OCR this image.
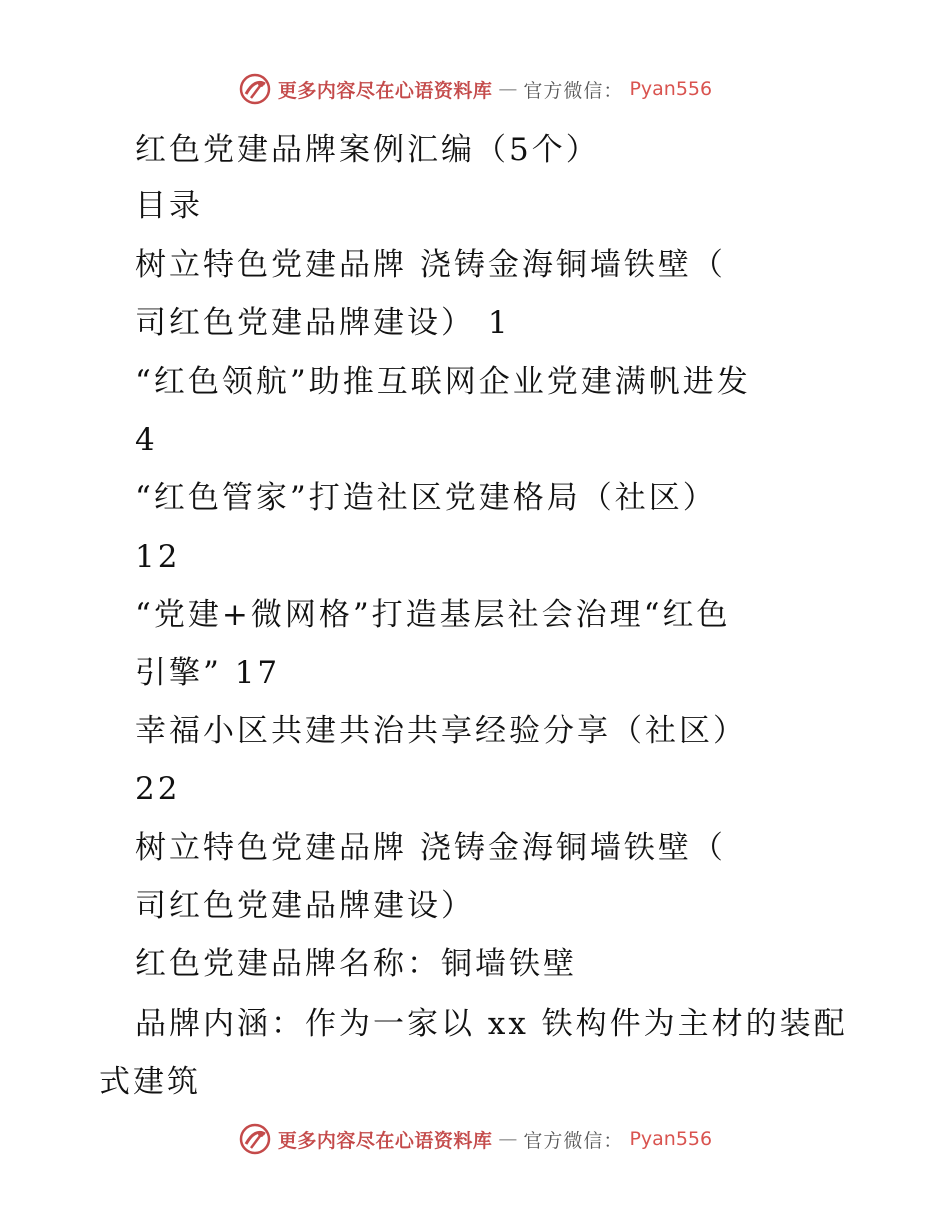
更多内容尽在心语资料库 — 官方微信： Pyan556
红色党建品牌案例汇编（5个）
目录
树立特色党建品牌 浇铸金海铜墙铁壁（
司红色党建品牌建设） 1
“红色领航”助推互联网企业党建满帆进发
4
“红色管家”打造社区党建格局（社区）
12
“党建+微网格”打造基层社会治理“红色
引擎” 17
幸福小区共建共治共享经验分享（社区）
22
树立特色党建品牌 浇铸金海铜墙铁壁（
司红色党建品牌建设）
红色党建品牌名称：铜墙铁壁
品牌内涵：作为一家以 xx 铁构件为主材的装配
式建筑
更多内容尽在心语资料库 — 官方微信： Pyan556
